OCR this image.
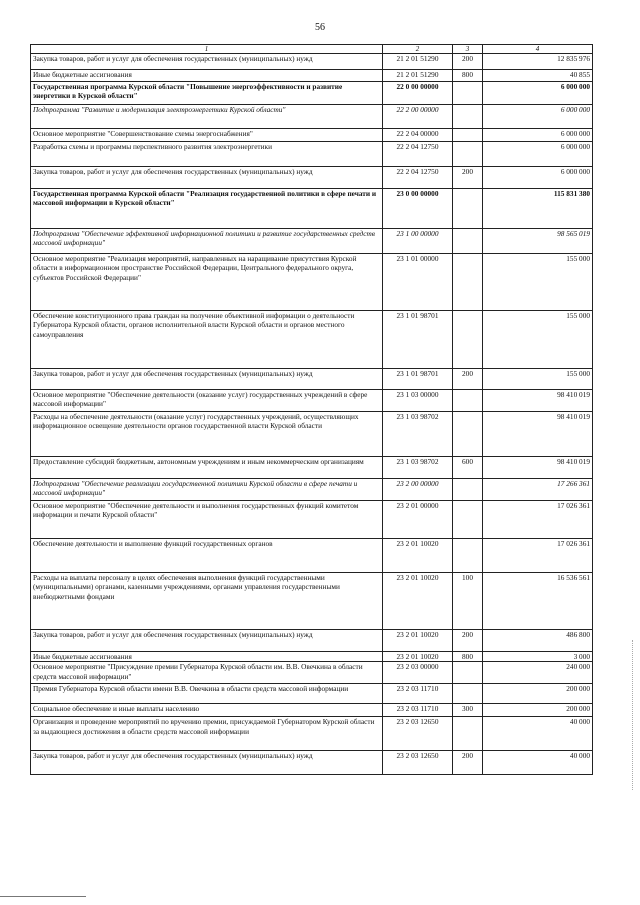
56
1	2	3	4
Закупка товаров, работ и услуг для обеспечения государственных (муниципальных) нужд	21 2 01 51290	200	12 835 976
Иные бюджетные ассигнования	21 2 01 51290	800	40 855
Государственная программа Курской области "Повышение энергоэффективности и развитие энергетики в Курской области"	22 0 00 00000		6 000 000
Подпрограмма "Развитие и модернизация электроэнергетики Курской области"	22 2 00 00000		6 000 000
Основное мероприятие "Совершенствование схемы энергоснабжения"	22 2 04 00000		6 000 000
Разработка схемы и программы перспективного развития электроэнергетики	22 2 04 12750		6 000 000
Закупка товаров, работ и услуг для обеспечения государственных (муниципальных) нужд	22 2 04 12750	200	6 000 000
Государственная программа Курской области "Реализация государственной политики в сфере печати и массовой информации в Курской области"	23 0 00 00000		115 831 380
Подпрограмма "Обеспечение эффективной информационной политики и развитие государственных средств массовой информации"	23 1 00 00000		98 565 019
Основное мероприятие "Реализация мероприятий, направленных на наращивание присутствия Курской области в информационном пространстве Российской Федерации, Центрального федерального округа, субъектов Российской Федерации"	23 1 01 00000		155 000
Обеспечение конституционного права граждан на получение объективной информации о деятельности Губернатора Курской области, органов исполнительной власти Курской области и органов местного самоуправления	23 1 01 98701		155 000
Закупка товаров, работ и услуг для обеспечения государственных (муниципальных) нужд	23 1 01 98701	200	155 000
Основное мероприятие "Обеспечение деятельности (оказание услуг) государственных учреждений в сфере массовой информации"	23 1 03 00000		98 410 019
Расходы на обеспечение деятельности (оказание услуг) государственных учреждений, осуществляющих информационное освещение деятельности органов государственной власти Курской области	23 1 03 98702		98 410 019
Предоставление субсидий бюджетным, автономным учреждениям и иным некоммерческим организациям	23 1 03 98702	600	98 410 019
Подпрограмма "Обеспечение реализации государственной политики Курской области в сфере печати и массовой информации"	23 2 00 00000		17 266 361
Основное мероприятие "Обеспечение деятельности и выполнения государственных функций комитетом информации и печати Курской области"	23 2 01 00000		17 026 361
Обеспечение деятельности и выполнение функций государственных органов	23 2 01 10020		17 026 361
Расходы на выплаты персоналу в целях обеспечения выполнения функций государственными (муниципальными) органами, казенными учреждениями, органами управления государственными внебюджетными фондами	23 2 01 10020	100	16 536 561
Закупка товаров, работ и услуг для обеспечения государственных (муниципальных) нужд	23 2 01 10020	200	486 800
Иные бюджетные ассигнования	23 2 01 10020	800	3 000
Основное мероприятие "Присуждение премии Губернатора Курской области им. В.В. Овечкина в области средств массовой информации"	23 2 03 00000		240 000
Премия Губернатора Курской области имени В.В. Овечкина в области средств массовой информации	23 2 03 11710		200 000
Социальное обеспечение и иные выплаты населению	23 2 03 11710	300	200 000
Организация и проведение мероприятий по вручению премии, присуждаемой Губернатором Курской области за выдающиеся достижения в области средств массовой информации	23 2 03 12650		40 000
Закупка товаров, работ и услуг для обеспечения государственных (муниципальных) нужд	23 2 03 12650	200	40 000
